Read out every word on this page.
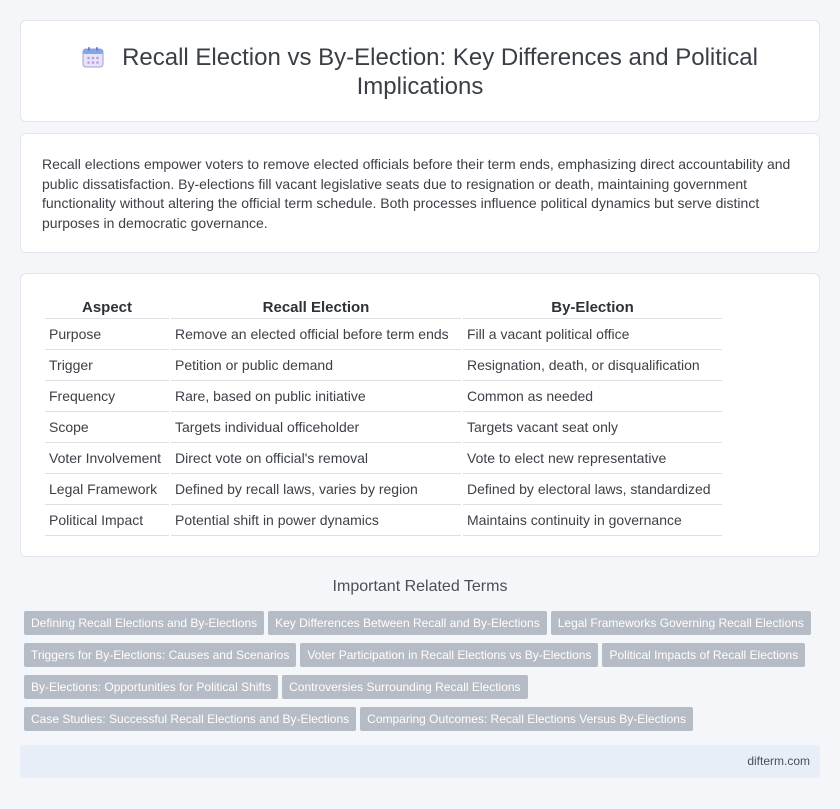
Recall Election vs By-Election: Key Differences and Political Implications

Recall elections empower voters to remove elected officials before their term ends, emphasizing direct accountability and public dissatisfaction. By-elections fill vacant legislative seats due to resignation or death, maintaining government functionality without altering the official term schedule. Both processes influence political dynamics but serve distinct purposes in democratic governance.

Aspect	Recall Election	By-Election
Purpose	Remove an elected official before term ends	Fill a vacant political office
Trigger	Petition or public demand	Resignation, death, or disqualification
Frequency	Rare, based on public initiative	Common as needed
Scope	Targets individual officeholder	Targets vacant seat only
Voter Involvement	Direct vote on official's removal	Vote to elect new representative
Legal Framework	Defined by recall laws, varies by region	Defined by electoral laws, standardized
Political Impact	Potential shift in power dynamics	Maintains continuity in governance
Important Related Terms
Defining Recall Elections and By-Elections Key Differences Between Recall and By-Elections Legal Frameworks Governing Recall Elections
Triggers for By-Elections: Causes and Scenarios Voter Participation in Recall Elections vs By-Elections Political Impacts of Recall Elections
By-Elections: Opportunities for Political Shifts Controversies Surrounding Recall Elections
Case Studies: Successful Recall Elections and By-Elections Comparing Outcomes: Recall Elections Versus By-Elections
difterm.com
